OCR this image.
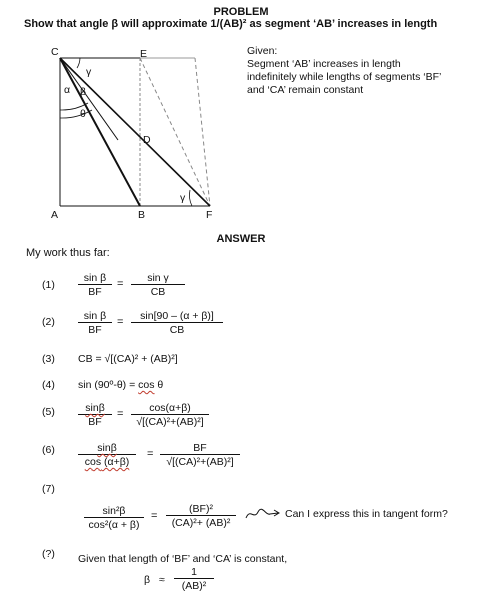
PROBLEM
Show that angle β will approximate 1/(AB)² as segment ‘AB’ increases in length
C	E
D
A	B	F
γ
β
α
θ
γ
Given:
Segment ‘AB’ increases in length
indefinitely while lengths of segments ‘BF’
and ‘CA’ remain constant
ANSWER
My work thus far:
$(1) \frac{\text{sin β}}{BF} = \frac{\text{sin γ}}{CB}$
$(2) \frac{\text{sin β}}{BF} = \frac{\sin[90 - (\alpha + \beta)]}{CB}$
(3) CB = √[(CA)² + (AB)²]
(4) sin (90º-θ) = cos θ
$(5) \frac{\sin\beta}{BF} = \frac{\cos(\alpha+\beta)}{\text{√[(CA)²+(AB)²]}}$
$(6) \frac{\sin\beta}{\cos (\alpha+\beta)} = \frac{BF}{\text{√[(CA)²+(AB)²]}}$
(7)
$\frac{\text{sin²β}}{\text{cos²(α + β)}} = \frac{\text{(BF)²}}{\text{(CA)²+ (AB)²}}$	Can I express this in tangent form?
(?) Given that length of ‘BF’ and ‘CA’ is constant,
$\beta \approx \frac{1}{\text{(AB)²}}$
